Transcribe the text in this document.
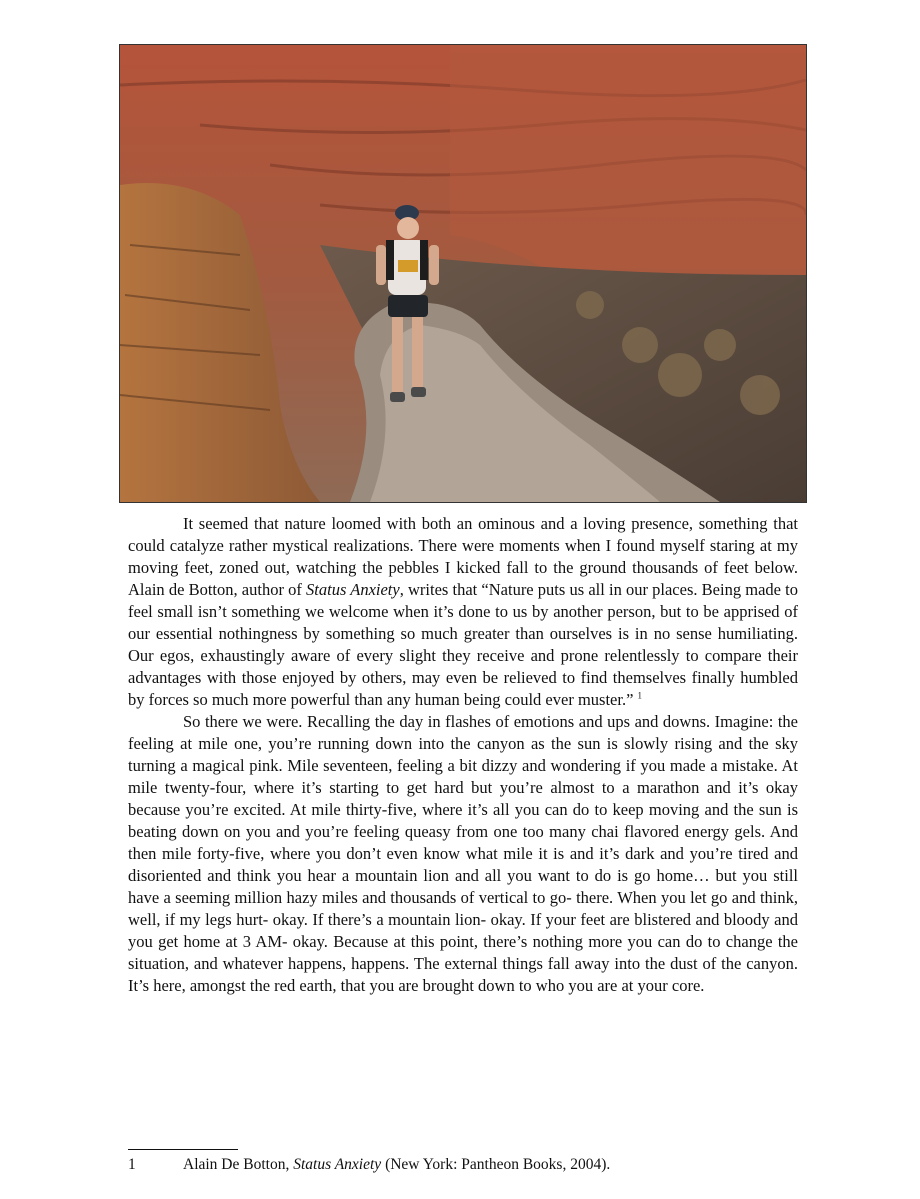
It seemed that nature loomed with both an ominous and a loving presence, something that could catalyze rather mystical realizations. There were moments when I found myself staring at my moving feet, zoned out, watching the pebbles I kicked fall to the ground thousands of feet below. Alain de Botton, author of Status Anxiety, writes that “Nature puts us all in our places. Being made to feel small isn’t something we welcome when it’s done to us by another person, but to be apprised of our essential nothingness by something so much greater than ourselves is in no sense humiliating. Our egos, exhaustingly aware of every slight they receive and prone relentlessly to compare their advantages with those enjoyed by others, may even be relieved to find themselves finally humbled by forces so much more powerful than any human being could ever muster.” $^1$

So there we were. Recalling the day in flashes of emotions and ups and downs. Imagine: the feeling at mile one, you’re running down into the canyon as the sun is slowly rising and the sky turning a magical pink. Mile seventeen, feeling a bit dizzy and wondering if you made a mistake. At mile twenty-four, where it’s starting to get hard but you’re almost to a marathon and it’s okay because you’re excited. At mile thirty-five, where it’s all you can do to keep moving and the sun is beating down on you and you’re feeling queasy from one too many chai flavored energy gels. And then mile forty-five, where you don’t even know what mile it is and it’s dark and you’re tired and disoriented and think you hear a mountain lion and all you want to do is go home… but you still have a seeming million hazy miles and thousands of vertical to go- there. When you let go and think, well, if my legs hurt- okay. If there’s a mountain lion- okay. If your feet are blistered and bloody and you get home at 3 AM- okay. Because at this point, there’s nothing more you can do to change the situation, and whatever happens, happens. The external things fall away into the dust of the canyon. It’s here, amongst the red earth, that you are brought down to who you are at your core.

1	Alain De Botton, Status Anxiety (New York: Pantheon Books, 2004).
